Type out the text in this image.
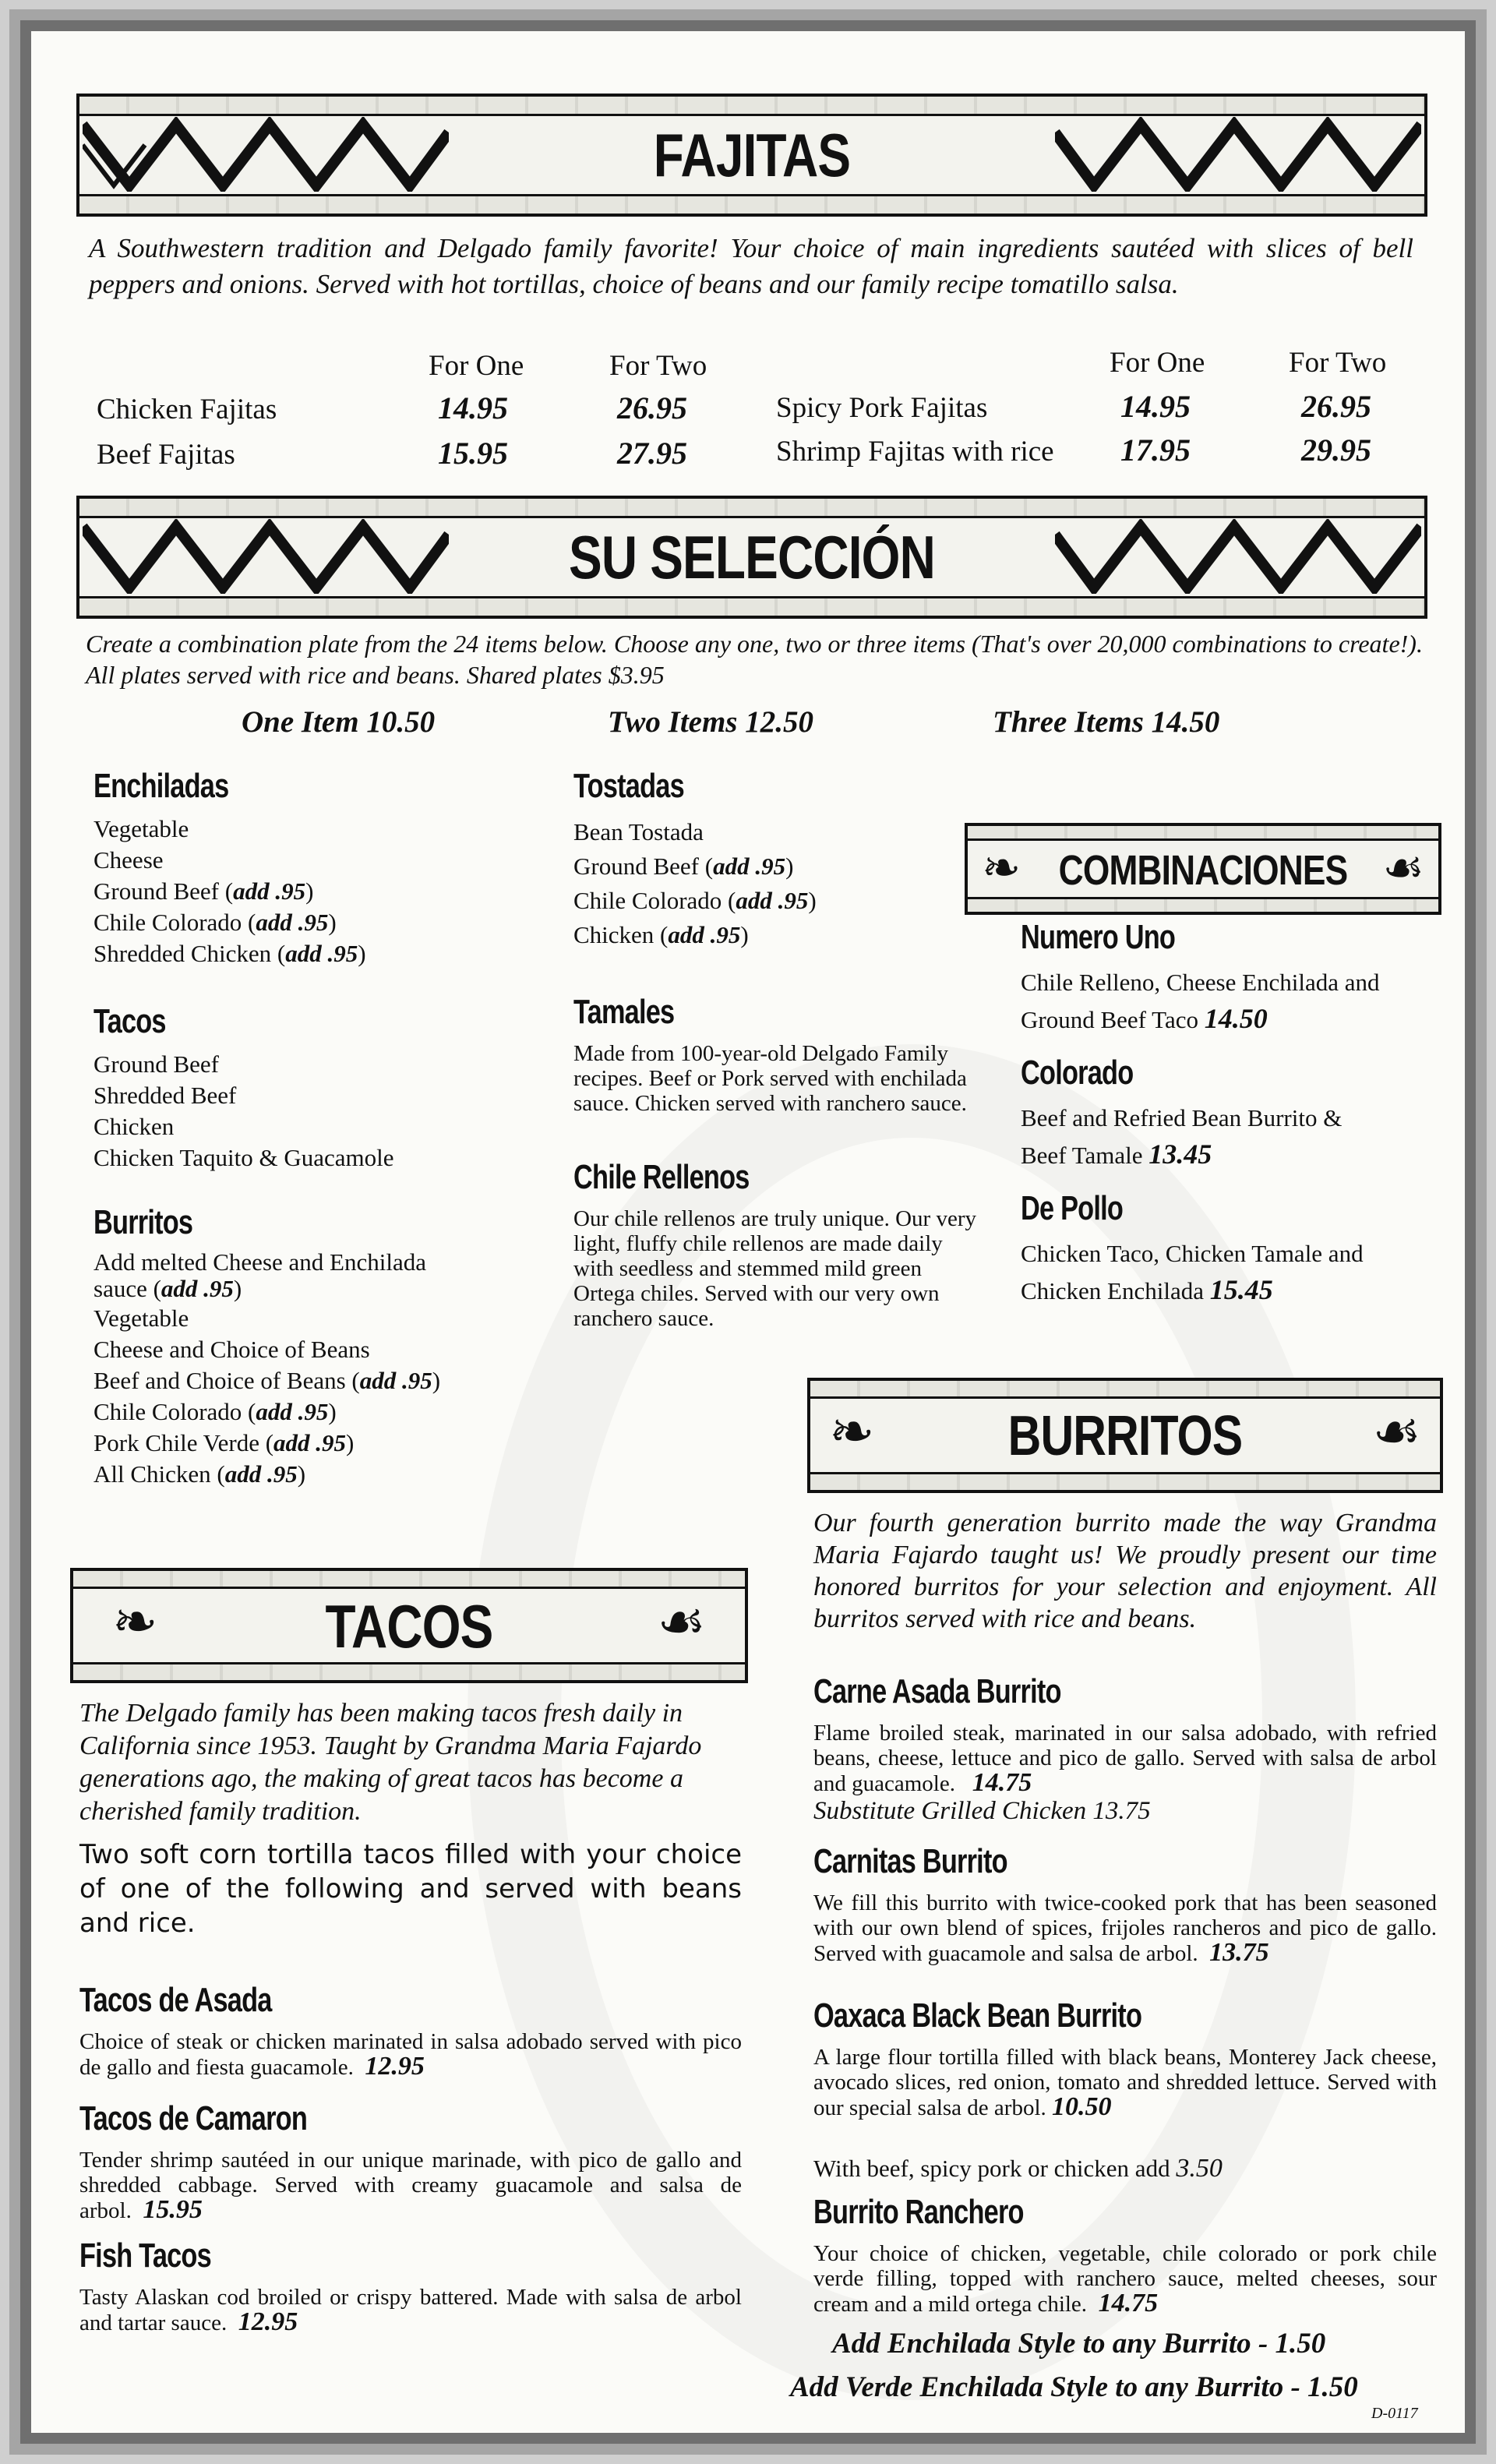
FAJITAS
A Southwestern tradition and Delgado family favorite! Your choice of main ingredients sautéed with slices of bell peppers and onions. Served with hot tortillas, choice of beans and our family recipe tomatillo salsa.
For One	For Two
Chicken Fajitas	14.95	26.95
Beef Fajitas	15.95	27.95
For One	For Two
Spicy Pork Fajitas	14.95	26.95
Shrimp Fajitas with rice 17.95	29.95
SU SELECCIÓN
Create a combination plate from the 24 items below. Choose any one, two or three items (That's over 20,000 combinations to create!). All plates served with rice and beans. Shared plates $3.95
One Item 10.50	Two Items 12.50	Three Items 14.50
Enchiladas
Vegetable
Cheese
Ground Beef (add .95)
Chile Colorado (add .95)
Shredded Chicken (add .95)
Tacos
Ground Beef
Shredded Beef
Chicken
Chicken Taquito & Guacamole
Burritos
Add melted Cheese and Enchilada
sauce (add .95)
Vegetable
Cheese and Choice of Beans
Beef and Choice of Beans (add .95)
Chile Colorado (add .95)
Pork Chile Verde (add .95)
All Chicken (add .95)
Tostadas
Bean Tostada
Ground Beef (add .95)
Chile Colorado (add .95)
Chicken (add .95)
Tamales
Made from 100-year-old Delgado Family recipes. Beef or Pork served with enchilada sauce. Chicken served with ranchero sauce.
Chile Rellenos
Our chile rellenos are truly unique. Our very light, fluffy chile rellenos are made daily with seedless and stemmed mild green Ortega chiles. Served with our very own ranchero sauce.
❧	☙
COMBINACIONES
Numero Uno
Chile Relleno, Cheese Enchilada and
Ground Beef Taco 14.50
Colorado
Beef and Refried Bean Burrito &
Beef Tamale 13.45
De Pollo
Chicken Taco, Chicken Tamale and
Chicken Enchilada 15.45
❧	☙
BURRITOS
Our fourth generation burrito made the way Grandma Maria Fajardo taught us! We proudly present our time honored burritos for your selection and enjoyment. All burritos served with rice and beans.
Carne Asada Burrito
Flame broiled steak, marinated in our salsa adobado, with refried beans, cheese, lettuce and pico de gallo. Served with salsa de arbol and guacamole. 14.75
Substitute Grilled Chicken 13.75
Carnitas Burrito
We fill this burrito with twice-cooked pork that has been seasoned with our own blend of spices, frijoles rancheros and pico de gallo. Served with guacamole and salsa de arbol. 13.75
Oaxaca Black Bean Burrito
A large flour tortilla filled with black beans, Monterey Jack cheese, avocado slices, red onion, tomato and shredded lettuce. Served with our special salsa de arbol. 10.50
With beef, spicy pork or chicken add 3.50
Burrito Ranchero
Your choice of chicken, vegetable, chile colorado or pork chile verde filling, topped with ranchero sauce, melted cheeses, sour cream and a mild ortega chile. 14.75
Add Enchilada Style to any Burrito - 1.50
Add Verde Enchilada Style to any Burrito - 1.50
❧	☙
TACOS
The Delgado family has been making tacos fresh daily in California since 1953. Taught by Grandma Maria Fajardo generations ago, the making of great tacos has become a cherished family tradition.
Two soft corn tortilla tacos filled with your choice of one of the following and served with beans and rice.
Tacos de Asada
Choice of steak or chicken marinated in salsa adobado served with pico de gallo and fiesta guacamole. 12.95
Tacos de Camaron
Tender shrimp sautéed in our unique marinade, with pico de gallo and shredded cabbage. Served with creamy guacamole and salsa de arbol. 15.95
Fish Tacos
Tasty Alaskan cod broiled or crispy battered. Made with salsa de arbol and tartar sauce. 12.95
D-0117
